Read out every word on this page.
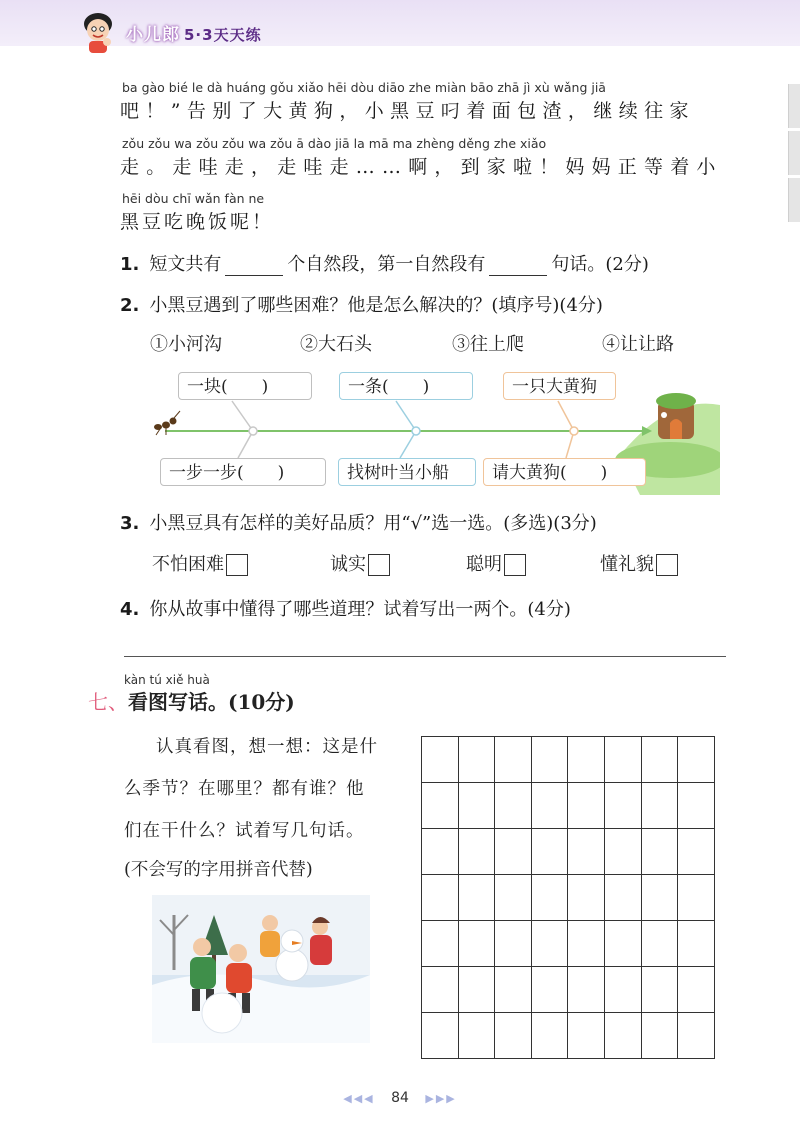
小儿郎 5·3天天练
ba gào bié le dà huáng gǒu xiǎo hēi dòu diāo zhe miàn bāo zhā jì xù wǎng jiā
吧！”告别了大黄狗，小黑豆叼着面包渣，继续往家
zǒu zǒu wa zǒu zǒu wa zǒu ā dào jiā la mā ma zhèng děng zhe xiǎo
走。走哇走，走哇走……啊，到家啦！妈妈正等着小
hēi dòu chī wǎn fàn ne
黑豆吃晚饭呢！
1. 短文共有	个自然段，第一自然段有	句话。(2分)
2. 小黑豆遇到了哪些困难？他是怎么解决的？(填序号)(4分)
①小河沟	②大石头	③往上爬	④让让路
一块(　　)	一条(　　)	一只大黄狗
一步一步(　　)	找树叶当小船	请大黄狗(　　)
3. 小黑豆具有怎样的美好品质？用“√”选一选。(多选)(3分)
不怕困难	诚实	聪明	懂礼貌
4. 你从故事中懂得了哪些道理？试着写出一两个。(4分)
kàn tú xiě huà
七、看图写话。(10分)
认真看图，想一想：这是什
么季节？在哪里？都有谁？他
们在干什么？试着写几句话。
(不会写的字用拼音代替)

◀◀◀ 84 ▶▶▶
